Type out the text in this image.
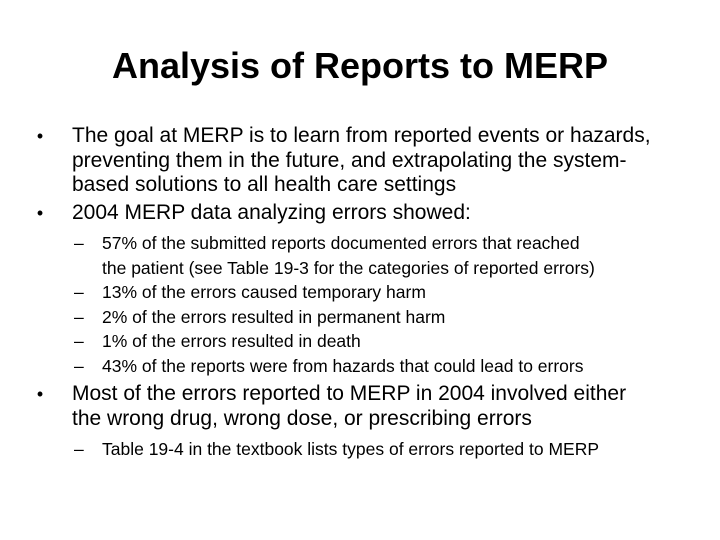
Analysis of Reports to MERP
•	The goal at MERP is to learn from reported events or hazards,
preventing them in the future, and extrapolating the system-
based solutions to all health care settings
•	2004 MERP data analyzing errors showed:
– 57% of the submitted reports documented errors that reached
the patient (see Table 19-3 for the categories of reported errors)
– 13% of the errors caused temporary harm
– 2% of the errors resulted in permanent harm
– 1% of the errors resulted in death
– 43% of the reports were from hazards that could lead to errors
•	Most of the errors reported to MERP in 2004 involved either
the wrong drug, wrong dose, or prescribing errors
– Table 19-4 in the textbook lists types of errors reported to MERP
